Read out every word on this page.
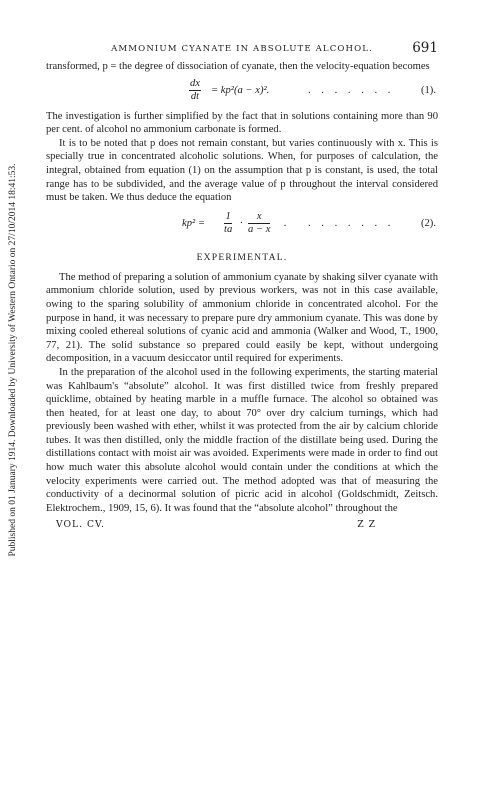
Published on 01 January 1914. Downloaded by University of Western Ontario on 27/10/2014 18:41:53.
AMMONIUM CYANATE IN ABSOLUTE ALCOHOL.	691

transformed, p = the degree of dissociation of cyanate, then the velocity-equation becomes

$\frac{dx}{dt} = kp^2(a - x)^2$.	. . . . . . .	(1).

The investigation is further simplified by the fact that in solutions containing more than 90 per cent. of alcohol no ammonium carbonate is formed.

It is to be noted that p does not remain constant, but varies continuously with x. This is specially true in concentrated alcoholic solutions. When, for purposes of calculation, the integral, obtained from equation (1) on the assumption that p is constant, is used, the total range has to be subdivided, and the average value of p throughout the interval considered must be taken. We thus deduce the equation

$kp^2 = \frac{1}{ta} \cdot \frac{x}{a - x}$ . . . . . . . .	(2).
EXPERIMENTAL.

The method of preparing a solution of ammonium cyanate by shaking silver cyanate with ammonium chloride solution, used by previous workers, was not in this case available, owing to the sparing solubility of ammonium chloride in concentrated alcohol. For the purpose in hand, it was necessary to prepare pure dry ammonium cyanate. This was done by mixing cooled ethereal solutions of cyanic acid and ammonia (Walker and Wood, T., 1900, 77, 21). The solid substance so prepared could easily be kept, without undergoing decomposition, in a vacuum desiccator until required for experiments.

In the preparation of the alcohol used in the following experiments, the starting material was Kahlbaum's “absolute” alcohol. It was first distilled twice from freshly prepared quicklime, obtained by heating marble in a muffle furnace. The alcohol so obtained was then heated, for at least one day, to about 70° over dry calcium turnings, which had previously been washed with ether, whilst it was protected from the air by calcium chloride tubes. It was then distilled, only the middle fraction of the distillate being used. During the distillations contact with moist air was avoided. Experiments were made in order to find out how much water this absolute alcohol would contain under the conditions at which the velocity experiments were carried out. The method adopted was that of measuring the conductivity of a decinormal solution of picric acid in alcohol (Goldschmidt, Zeitsch. Elektrochem., 1909, 15, 6). It was found that the “absolute alcohol” throughout the

VOL. CV.	Z Z
